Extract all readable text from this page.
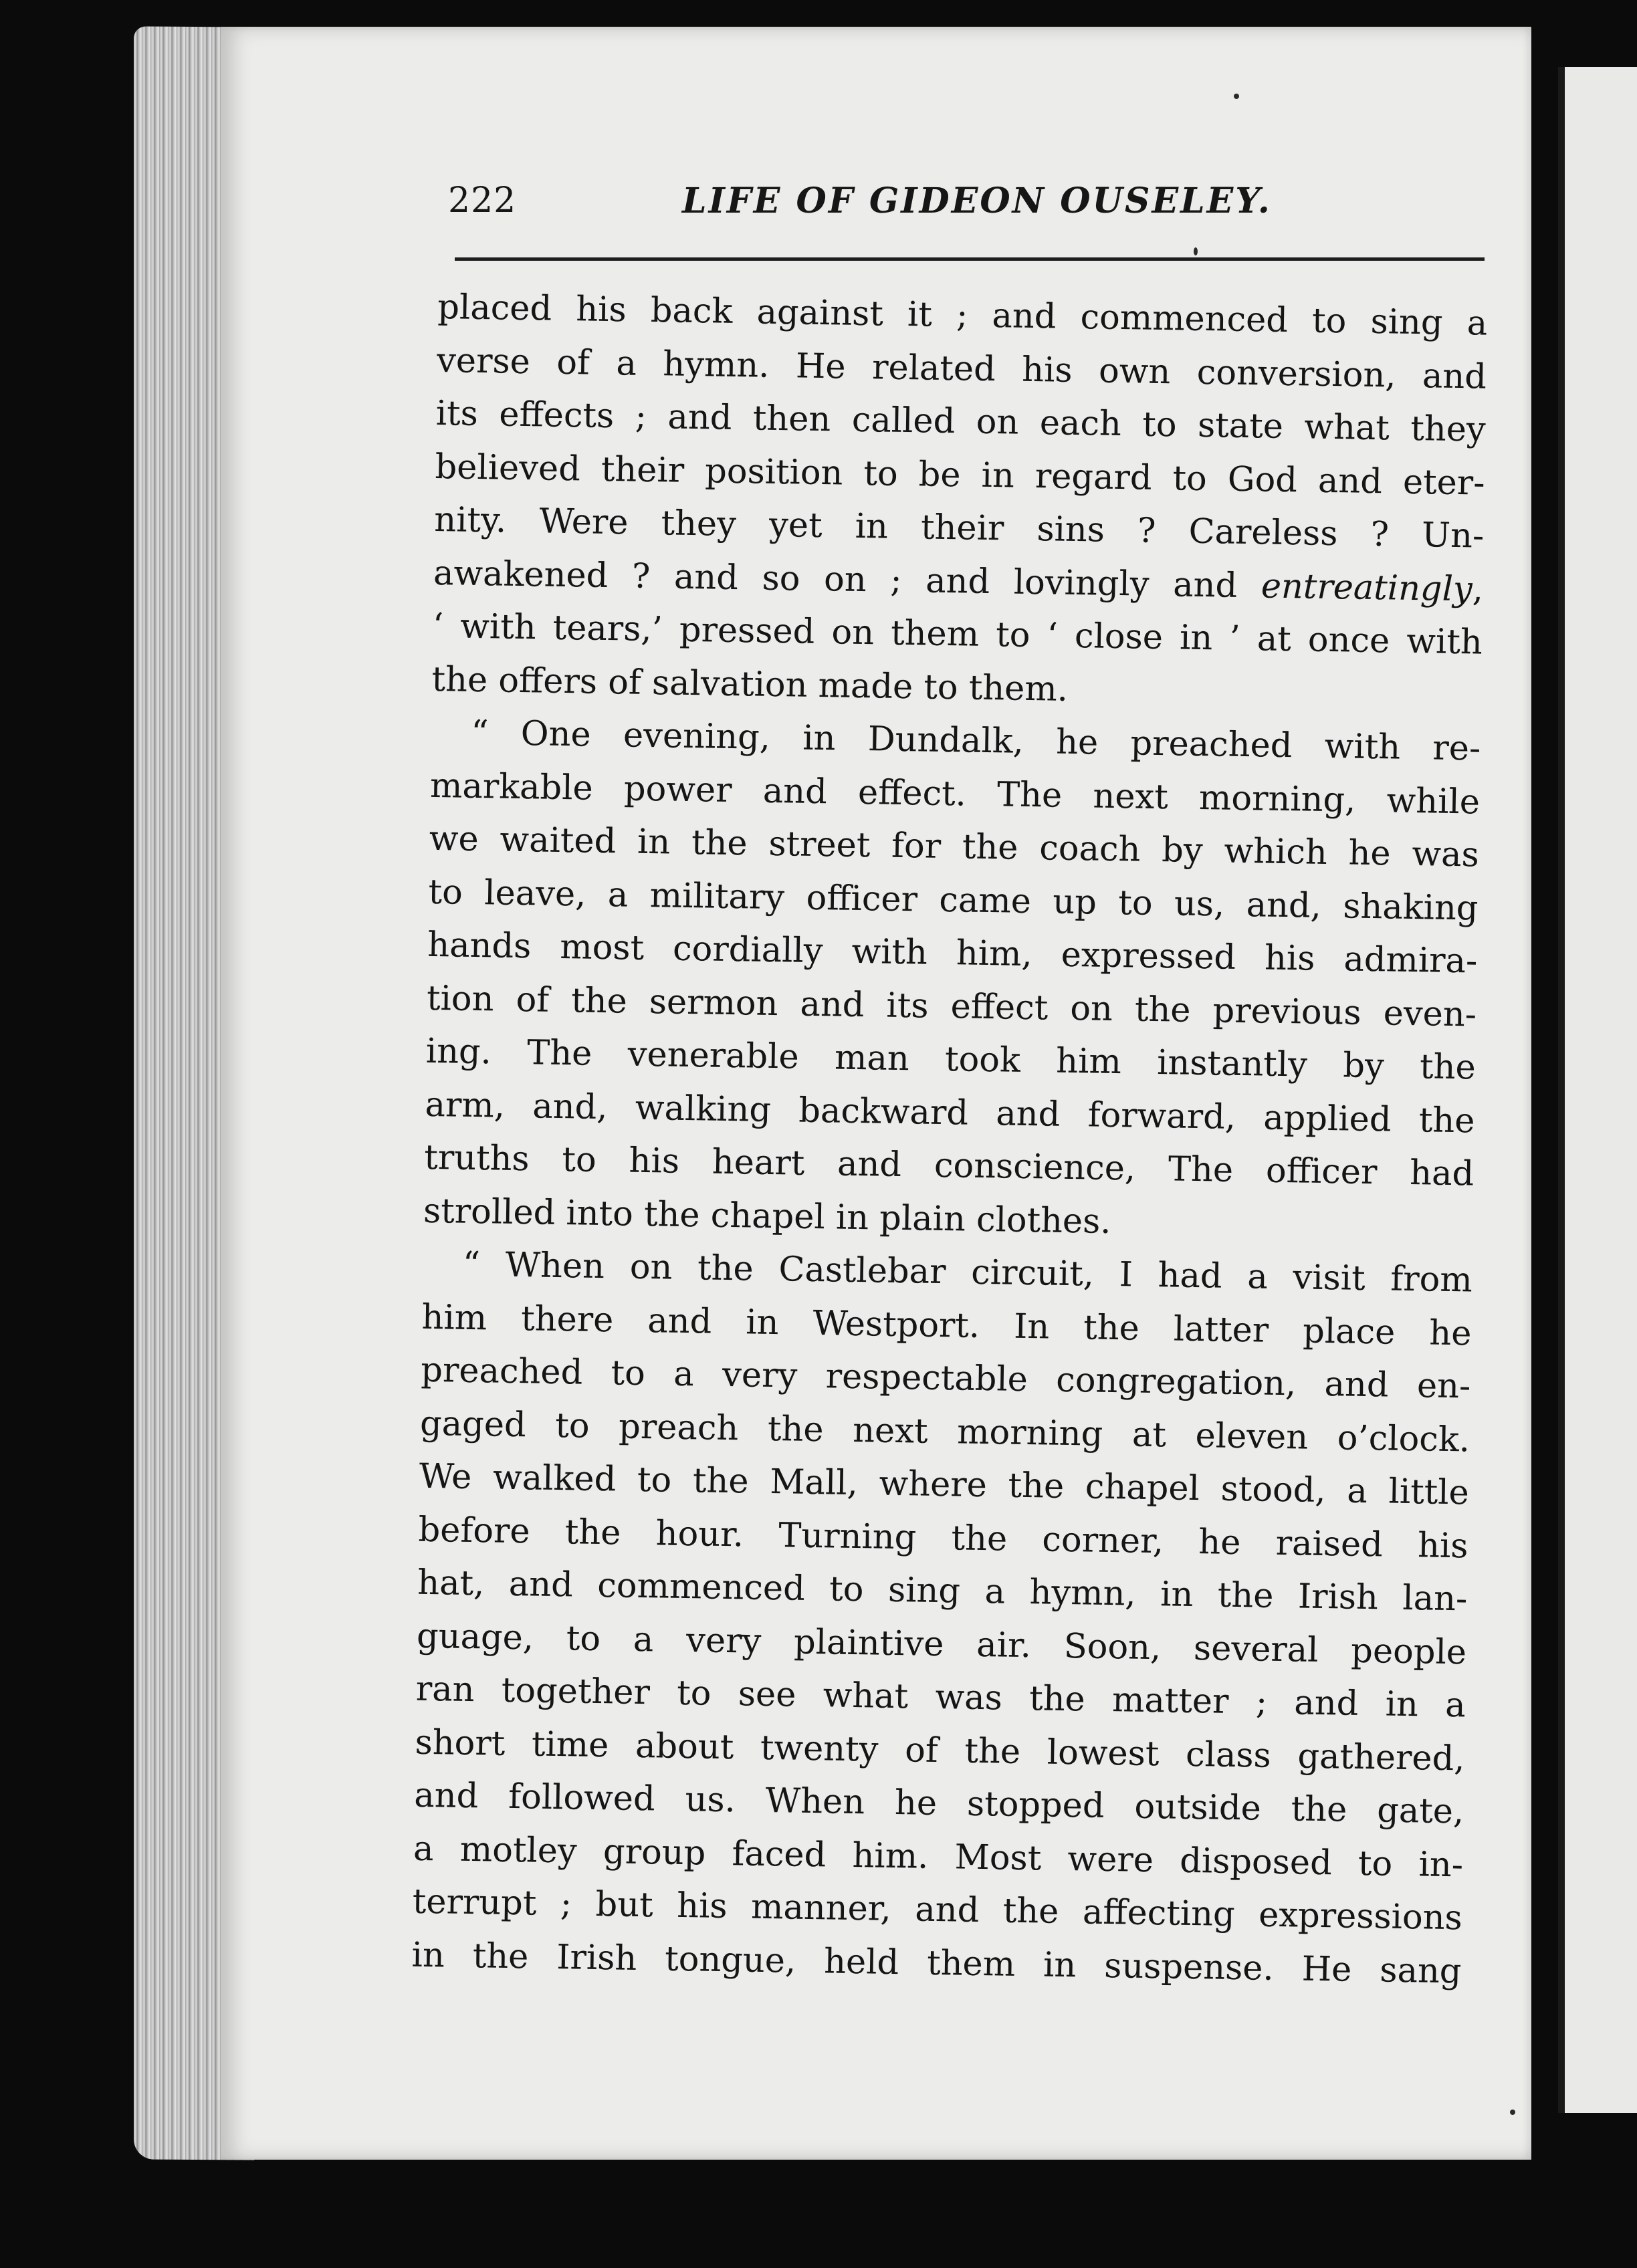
222	LIFE OF GIDEON OUSELEY.
placed his back against it ; and commenced to sing a
verse of a hymn. He related his own conversion, and
its effects ; and then called on each to state what they
believed their position to be in regard to God and eter-
nity. Were they yet in their sins ? Careless ? Un-
awakened ? and so on ; and lovingly and entreatingly,
‘ with tears,’ pressed on them to ‘ close in ’ at once with
the offers of salvation made to them.
“ One evening, in Dundalk, he preached with re-
markable power and effect. The next morning, while
we waited in the street for the coach by which he was
to leave, a military officer came up to us, and, shaking
hands most cordially with him, expressed his admira-
tion of the sermon and its effect on the previous even-
ing. The venerable man took him instantly by the
arm, and, walking backward and forward, applied the
truths to his heart and conscience, The officer had
strolled into the chapel in plain clothes.
“ When on the Castlebar circuit, I had a visit from
him there and in Westport. In the latter place he
preached to a very respectable congregation, and en-
gaged to preach the next morning at eleven o’clock.
We walked to the Mall, where the chapel stood, a little
before the hour. Turning the corner, he raised his
hat, and commenced to sing a hymn, in the Irish lan-
guage, to a very plaintive air. Soon, several people
ran together to see what was the matter ; and in a
short time about twenty of the lowest class gathered,
and followed us. When he stopped outside the gate,
a motley group faced him. Most were disposed to in-
terrupt ; but his manner, and the affecting expressions
in the Irish tongue, held them in suspense. He sang
